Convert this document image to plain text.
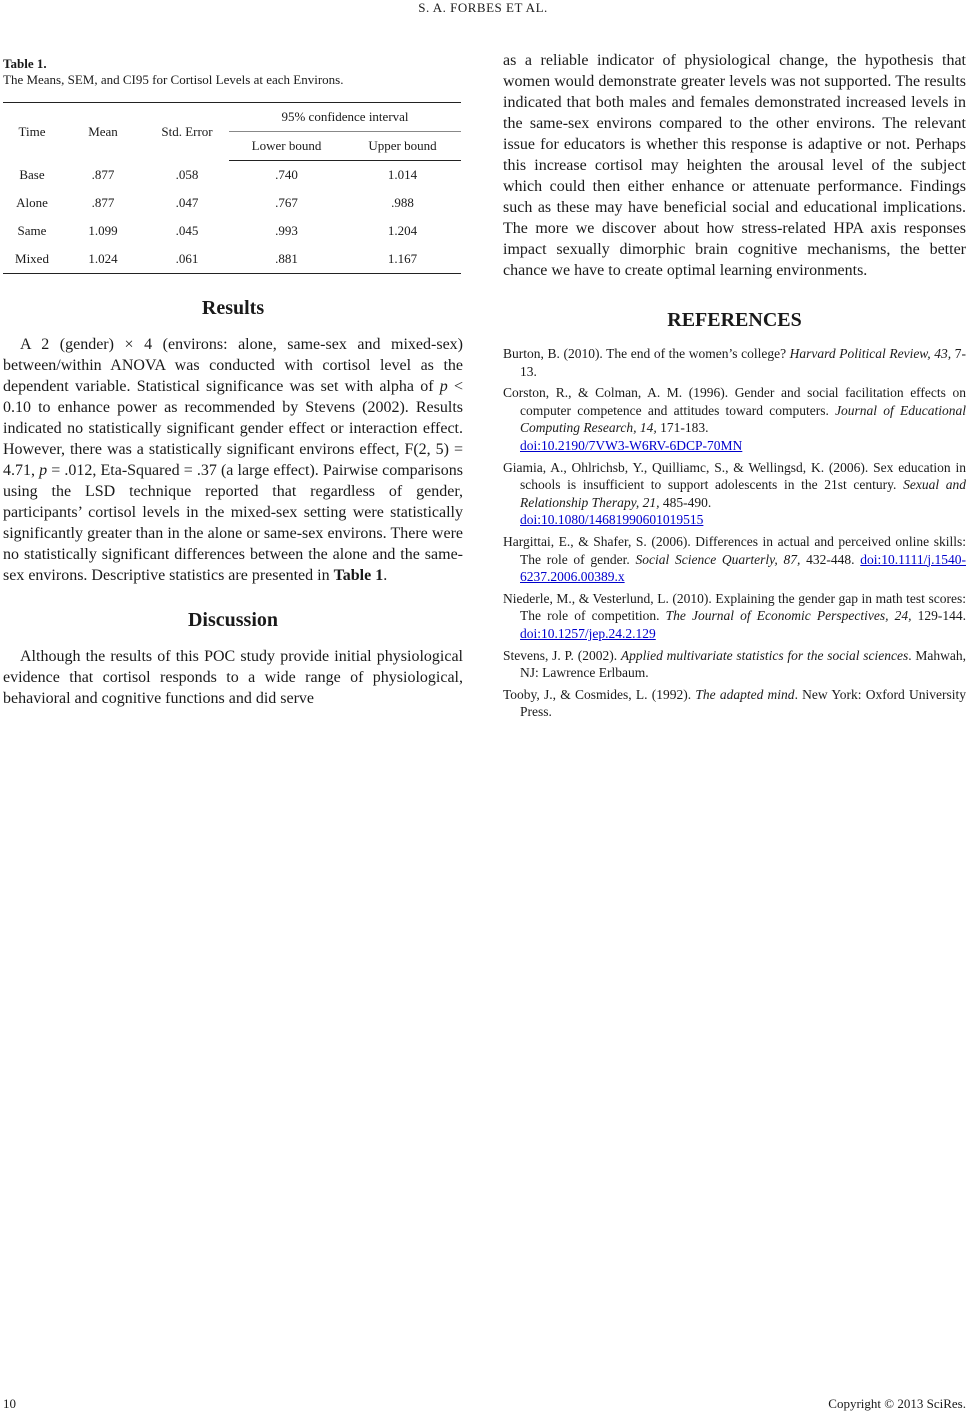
S. A. FORBES ET AL.
Table 1.
The Means, SEM, and CI95 for Cortisol Levels at each Environs.
Time	Mean	Std. Error	95% confidence interval	
			Lower bound	Upper bound
Base	.877	.058	.740	1.014
Alone	.877	.047	.767	.988
Same	1.099	.045	.993	1.204
Mixed	1.024	.061	.881	1.167
Results

A 2 (gender) × 4 (environs: alone, same-sex and mixed-sex) between/within ANOVA was conducted with cortisol level as the dependent variable. Statistical significance was set with alpha of p < 0.10 to enhance power as recommended by Stevens (2002). Results indicated no statistically significant gender effect or interaction effect. However, there was a statistically significant environs effect, F(2, 5) = 4.71, p = .012, Eta-Squared = .37 (a large effect). Pairwise comparisons using the LSD technique reported that regardless of gender, participants’ cortisol levels in the mixed-sex setting were statistically significantly greater than in the alone or same-sex environs. There were no statistically significant differences between the alone and the same-sex environs. Descriptive statistics are presented in Table 1.

Discussion

Although the results of this POC study provide initial physiological evidence that cortisol responds to a wide range of physiological, behavioral and cognitive functions and did serve

as a reliable indicator of physiological change, the hypothesis that women would demonstrate greater levels was not supported. The results indicated that both males and females demonstrated increased levels in the same-sex environs compared to the other environs. The relevant issue for educators is whether this response is adaptive or not. Perhaps this increase cortisol may heighten the arousal level of the subject which could then either enhance or attenuate performance. Findings such as these may have beneficial social and educational implications. The more we discover about how stress-related HPA axis responses impact sexually dimorphic brain cognitive mechanisms, the better chance we have to create optimal learning environments.

REFERENCES

Burton, B. (2010). The end of the women’s college? Harvard Political Review, 43, 7-13.

Corston, R., & Colman, A. M. (1996). Gender and social facilitation effects on computer competence and attitudes toward computers. Journal of Educational Computing Research, 14, 171-183.
doi:10.2190/7VW3-W6RV-6DCP-70MN

Giamia, A., Ohlrichsb, Y., Quilliamc, S., & Wellingsd, K. (2006). Sex education in schools is insufficient to support adolescents in the 21st century. Sexual and Relationship Therapy, 21, 485-490.
doi:10.1080/14681990601019515

Hargittai, E., & Shafer, S. (2006). Differences in actual and perceived online skills: The role of gender. Social Science Quarterly, 87, 432-448. doi:10.1111/j.1540-6237.2006.00389.x

Niederle, M., & Vesterlund, L. (2010). Explaining the gender gap in math test scores: The role of competition. The Journal of Economic Perspectives, 24, 129-144. doi:10.1257/jep.24.2.129

Stevens, J. P. (2002). Applied multivariate statistics for the social sciences. Mahwah, NJ: Lawrence Erlbaum.

Tooby, J., & Cosmides, L. (1992). The adapted mind. New York: Oxford University Press.

10	Copyright © 2013 SciRes.
